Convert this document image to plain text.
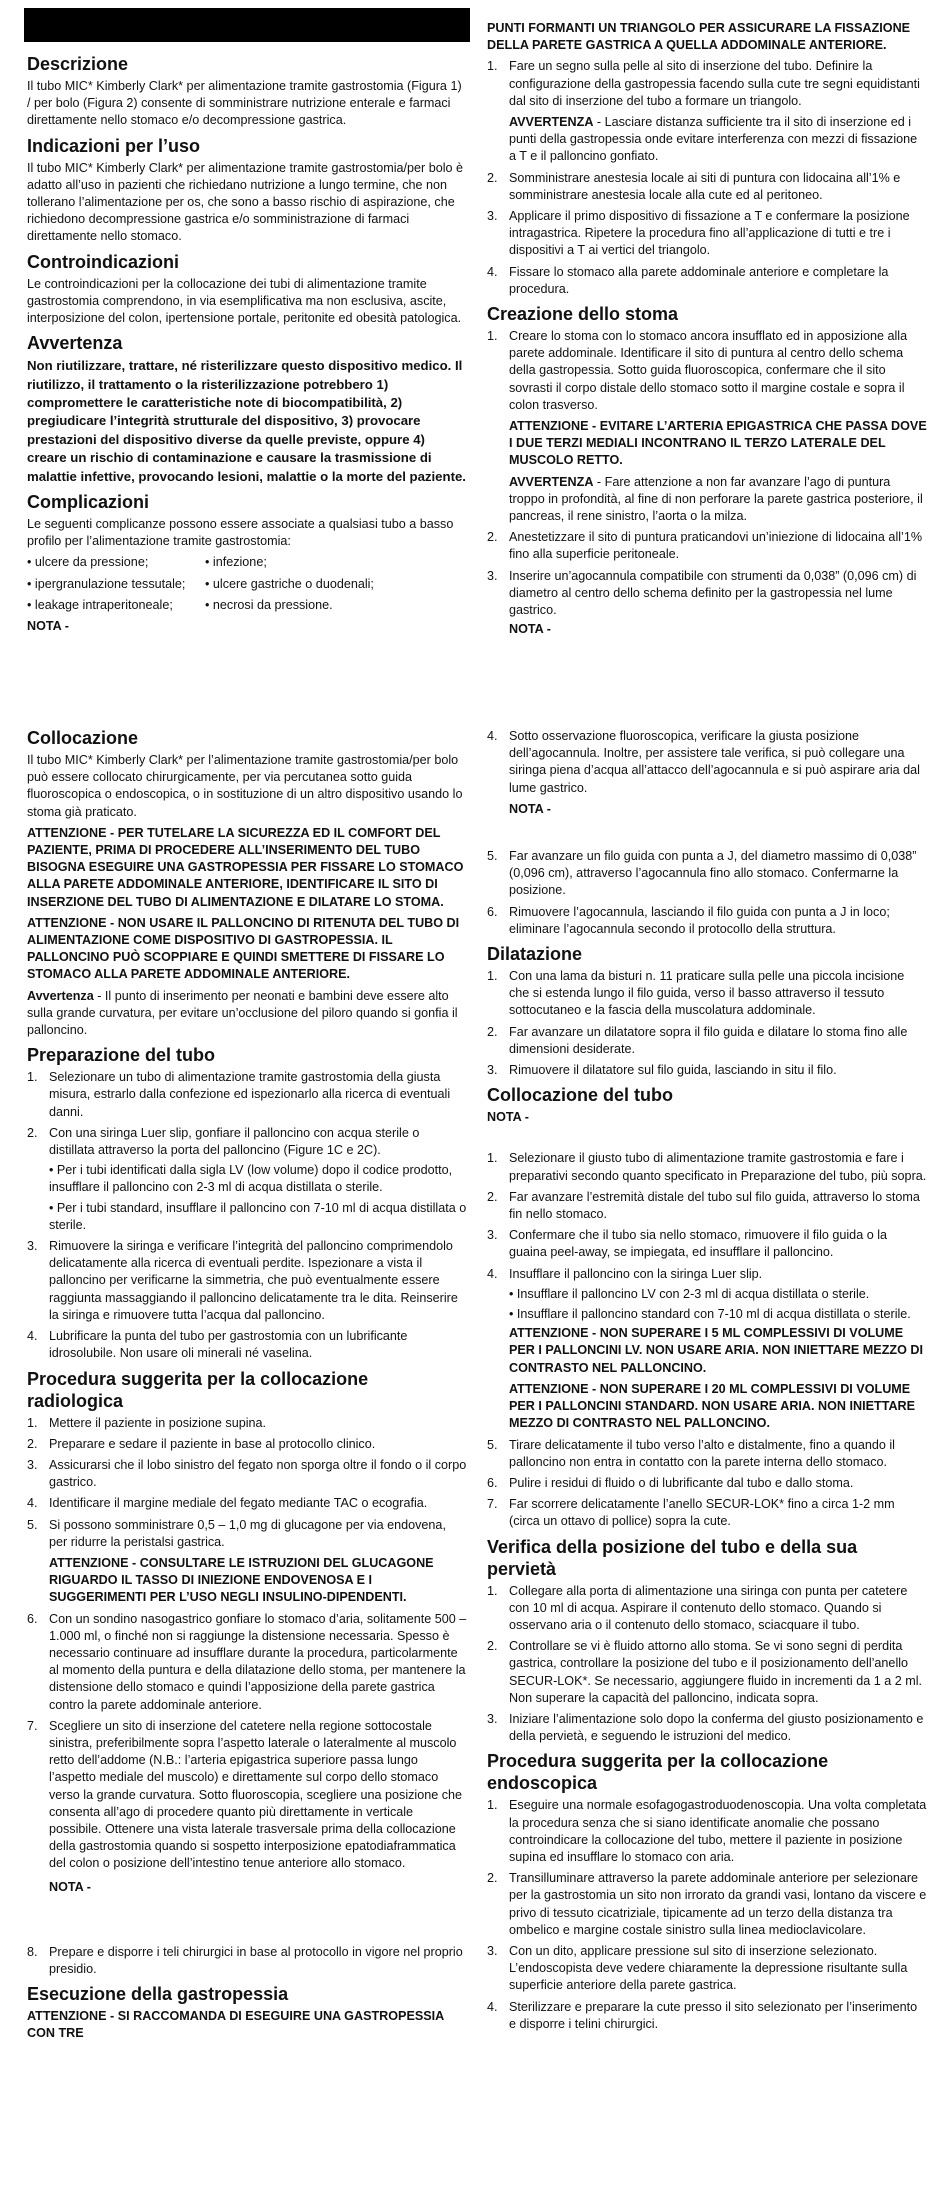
Descrizione

Il tubo MIC* Kimberly Clark* per alimentazione tramite gastrostomia (Figura 1) / per bolo (Figura 2) consente di somministrare nutrizione enterale e farmaci direttamente nello stomaco e/o decompressione gastrica.

Indicazioni per l’uso

Il tubo MIC* Kimberly Clark* per alimentazione tramite gastrostomia/per bolo è adatto all’uso in pazienti che richiedano nutrizione a lungo termine, che non tollerano l’alimentazione per os, che sono a basso rischio di aspirazione, che richiedono decompressione gastrica e/o somministrazione di farmaci direttamente nello stomaco.

Controindicazioni

Le controindicazioni per la collocazione dei tubi di alimentazione tramite gastrostomia comprendono, in via esemplificativa ma non esclusiva, ascite, interposizione del colon, ipertensione portale, peritonite ed obesità patologica.

Avvertenza

Non riutilizzare, trattare, né risterilizzare questo dispositivo medico. Il riutilizzo, il trattamento o la risterilizzazione potrebbero 1) compromettere le caratteristiche note di biocompatibilità, 2) pregiudicare l’integrità strutturale del dispositivo, 3) provocare prestazioni del dispositivo diverse da quelle previste, oppure 4) creare un rischio di contaminazione e causare la trasmissione di malattie infettive, provocando lesioni, malattie o la morte del paziente.

Complicazioni

Le seguenti complicanze possono essere associate a qualsiasi tubo a basso profilo per l’alimentazione tramite gastrostomia:

• ulcere da pressione;	• infezione;
• ipergranulazione tessutale;	• ulcere gastriche o duodenali;
• leakage intraperitoneale;	• necrosi da pressione.
NOTA -
Collocazione

Il tubo MIC* Kimberly Clark* per l’alimentazione tramite gastrostomia/per bolo può essere collocato chirurgicamente, per via percutanea sotto guida fluoroscopica o endoscopica, o in sostituzione di un altro dispositivo usando lo stoma già praticato.

ATTENZIONE - PER TUTELARE LA SICUREZZA ED IL COMFORT DEL PAZIENTE, PRIMA DI PROCEDERE ALL’INSERIMENTO DEL TUBO BISOGNA ESEGUIRE UNA GASTROPESSIA PER FISSARE LO STOMACO ALLA PARETE ADDOMINALE ANTERIORE, IDENTIFICARE IL SITO DI INSERZIONE DEL TUBO DI ALIMENTAZIONE E DILATARE LO STOMA.

ATTENZIONE - NON USARE IL PALLONCINO DI RITENUTA DEL TUBO DI ALIMENTAZIONE COME DISPOSITIVO DI GASTROPESSIA. IL PALLONCINO PUÒ SCOPPIARE E QUINDI SMETTERE DI FISSARE LO STOMACO ALLA PARETE ADDOMINALE ANTERIORE.

Avvertenza - Il punto di inserimento per neonati e bambini deve essere alto sulla grande curvatura, per evitare un’occlusione del piloro quando si gonfia il palloncino.

Preparazione del tubo
1. Selezionare un tubo di alimentazione tramite gastrostomia della giusta misura, estrarlo dalla confezione ed ispezionarlo alla ricerca di eventuali danni.
2. Con una siringa Luer slip, gonfiare il palloncino con acqua sterile o distillata attraverso la porta del palloncino (Figure 1C e 2C).
• Per i tubi identificati dalla sigla LV (low volume) dopo il codice prodotto, insufflare il palloncino con 2-3 ml di acqua distillata o sterile.
• Per i tubi standard, insufflare il palloncino con 7-10 ml di acqua distillata o sterile.
3. Rimuovere la siringa e verificare l’integrità del palloncino comprimendolo delicatamente alla ricerca di eventuali perdite. Ispezionare a vista il palloncino per verificarne la simmetria, che può eventualmente essere raggiunta massaggiando il palloncino delicatamente tra le dita. Reinserire la siringa e rimuovere tutta l’acqua dal palloncino.
4. Lubrificare la punta del tubo per gastrostomia con un lubrificante idrosolubile. Non usare oli minerali né vaselina.
Procedura suggerita per la collocazione radiologica
1. Mettere il paziente in posizione supina.
2. Preparare e sedare il paziente in base al protocollo clinico.
3. Assicurarsi che il lobo sinistro del fegato non sporga oltre il fondo o il corpo gastrico.
4. Identificare il margine mediale del fegato mediante TAC o ecografia.
5. Si possono somministrare 0,5 – 1,0 mg di glucagone per via endovena, per ridurre la peristalsi gastrica.
ATTENZIONE - CONSULTARE LE ISTRUZIONI DEL GLUCAGONE RIGUARDO IL TASSO DI INIEZIONE ENDOVENOSA E I SUGGERIMENTI PER L’USO NEGLI INSULINO-DIPENDENTI.
6. Con un sondino nasogastrico gonfiare lo stomaco d’aria, solitamente 500 – 1.000 ml, o finché non si raggiunge la distensione necessaria. Spesso è necessario continuare ad insufflare durante la procedura, particolarmente al momento della puntura e della dilatazione dello stoma, per mantenere la distensione dello stomaco e quindi l’apposizione della parete gastrica contro la parete addominale anteriore.
7. Scegliere un sito di inserzione del catetere nella regione sottocostale sinistra, preferibilmente sopra l’aspetto laterale o lateralmente al muscolo retto dell’addome (N.B.: l’arteria epigastrica superiore passa lungo l’aspetto mediale del muscolo) e direttamente sul corpo dello stomaco verso la grande curvatura. Sotto fluoroscopia, scegliere una posizione che consenta all’ago di procedere quanto più direttamente in verticale possibile. Ottenere una vista laterale trasversale prima della collocazione della gastrostomia quando si sospetto interposizione epatodiaframmatica del colon o posizione dell’intestino tenue anteriore allo stomaco.
NOTA -
8. Prepare e disporre i teli chirurgici in base al protocollo in vigore nel proprio presidio.
Esecuzione della gastropessia

ATTENZIONE - SI RACCOMANDA DI ESEGUIRE UNA GASTROPESSIA CON TRE

PUNTI FORMANTI UN TRIANGOLO PER ASSICURARE LA FISSAZIONE DELLA PARETE GASTRICA A QUELLA ADDOMINALE ANTERIORE.

1. Fare un segno sulla pelle al sito di inserzione del tubo. Definire la configurazione della gastropessia facendo sulla cute tre segni equidistanti dal sito di inserzione del tubo a formare un triangolo.
AVVERTENZA - Lasciare distanza sufficiente tra il sito di inserzione ed i punti della gastropessia onde evitare interferenza con mezzi di fissazione a T e il palloncino gonfiato.
2. Somministrare anestesia locale ai siti di puntura con lidocaina all’1% e somministrare anestesia locale alla cute ed al peritoneo.
3. Applicare il primo dispositivo di fissazione a T e confermare la posizione intragastrica. Ripetere la procedura fino all’applicazione di tutti e tre i dispositivi a T ai vertici del triangolo.
4. Fissare lo stomaco alla parete addominale anteriore e completare la procedura.
Creazione dello stoma
1. Creare lo stoma con lo stomaco ancora insufflato ed in apposizione alla parete addominale. Identificare il sito di puntura al centro dello schema della gastropessia. Sotto guida fluoroscopica, confermare che il sito sovrasti il corpo distale dello stomaco sotto il margine costale e sopra il colon trasverso.
ATTENZIONE - EVITARE L’ARTERIA EPIGASTRICA CHE PASSA DOVE I DUE TERZI MEDIALI INCONTRANO IL TERZO LATERALE DEL MUSCOLO RETTO.
AVVERTENZA - Fare attenzione a non far avanzare l’ago di puntura troppo in profondità, al fine di non perforare la parete gastrica posteriore, il pancreas, il rene sinistro, l’aorta o la milza.
2. Anestetizzare il sito di puntura praticandovi un’iniezione di lidocaina all’1% fino alla superficie peritoneale.
3. Inserire un’agocannula compatibile con strumenti da 0,038” (0,096 cm) di diametro al centro dello schema definito per la gastropessia nel lume gastrico.
NOTA -
4. Sotto osservazione fluoroscopica, verificare la giusta posizione dell’agocannula. Inoltre, per assistere tale verifica, si può collegare una siringa piena d’acqua all’attacco dell’agocannula e si può aspirare aria dal lume gastrico.
NOTA -
5. Far avanzare un filo guida con punta a J, del diametro massimo di 0,038” (0,096 cm), attraverso l’agocannula fino allo stomaco. Confermarne la posizione.
6. Rimuovere l’agocannula, lasciando il filo guida con punta a J in loco; eliminare l’agocannula secondo il protocollo della struttura.
Dilatazione
1. Con una lama da bisturi n. 11 praticare sulla pelle una piccola incisione che si estenda lungo il filo guida, verso il basso attraverso il tessuto sottocutaneo e la fascia della muscolatura addominale.
2. Far avanzare un dilatatore sopra il filo guida e dilatare lo stoma fino alle dimensioni desiderate.
3. Rimuovere il dilatatore sul filo guida, lasciando in situ il filo.
Collocazione del tubo
NOTA -
1. Selezionare il giusto tubo di alimentazione tramite gastrostomia e fare i preparativi secondo quanto specificato in Preparazione del tubo, più sopra.
2. Far avanzare l’estremità distale del tubo sul filo guida, attraverso lo stoma fin nello stomaco.
3. Confermare che il tubo sia nello stomaco, rimuovere il filo guida o la guaina peel-away, se impiegata, ed insufflare il palloncino.
4. Insufflare il palloncino con la siringa Luer slip.
• Insufflare il palloncino LV con 2-3 ml di acqua distillata o sterile.
• Insufflare il palloncino standard con 7-10 ml di acqua distillata o sterile.
ATTENZIONE - NON SUPERARE I 5 ML COMPLESSIVI DI VOLUME PER I PALLONCINI LV. NON USARE ARIA. NON INIETTARE MEZZO DI CONTRASTO NEL PALLONCINO.
ATTENZIONE - NON SUPERARE I 20 ML COMPLESSIVI DI VOLUME PER I PALLONCINI STANDARD. NON USARE ARIA. NON INIETTARE MEZZO DI CONTRASTO NEL PALLONCINO.
5. Tirare delicatamente il tubo verso l’alto e distalmente, fino a quando il palloncino non entra in contatto con la parete interna dello stomaco.
6. Pulire i residui di fluido o di lubrificante dal tubo e dallo stoma.
7. Far scorrere delicatamente l’anello SECUR-LOK* fino a circa 1-2 mm (circa un ottavo di pollice) sopra la cute.
Verifica della posizione del tubo e della sua pervietà
1. Collegare alla porta di alimentazione una siringa con punta per catetere con 10 ml di acqua. Aspirare il contenuto dello stomaco. Quando si osservano aria o il contenuto dello stomaco, sciacquare il tubo.
2. Controllare se vi è fluido attorno allo stoma. Se vi sono segni di perdita gastrica, controllare la posizione del tubo e il posizionamento dell’anello SECUR-LOK*. Se necessario, aggiungere fluido in incrementi da 1 a 2 ml. Non superare la capacità del palloncino, indicata sopra.
3. Iniziare l’alimentazione solo dopo la conferma del giusto posizionamento e della pervietà, e seguendo le istruzioni del medico.
Procedura suggerita per la collocazione endoscopica
1. Eseguire una normale esofagogastroduodenoscopia. Una volta completata la procedura senza che si siano identificate anomalie che possano controindicare la collocazione del tubo, mettere il paziente in posizione supina ed insufflare lo stomaco con aria.
2. Transilluminare attraverso la parete addominale anteriore per selezionare per la gastrostomia un sito non irrorato da grandi vasi, lontano da viscere e privo di tessuto cicatriziale, tipicamente ad un terzo della distanza tra ombelico e margine costale sinistro sulla linea medioclavicolare.
3. Con un dito, applicare pressione sul sito di inserzione selezionato. L’endoscopista deve vedere chiaramente la depressione risultante sulla superficie anteriore della parete gastrica.
4. Sterilizzare e preparare la cute presso il sito selezionato per l’inserimento e disporre i telini chirurgici.
